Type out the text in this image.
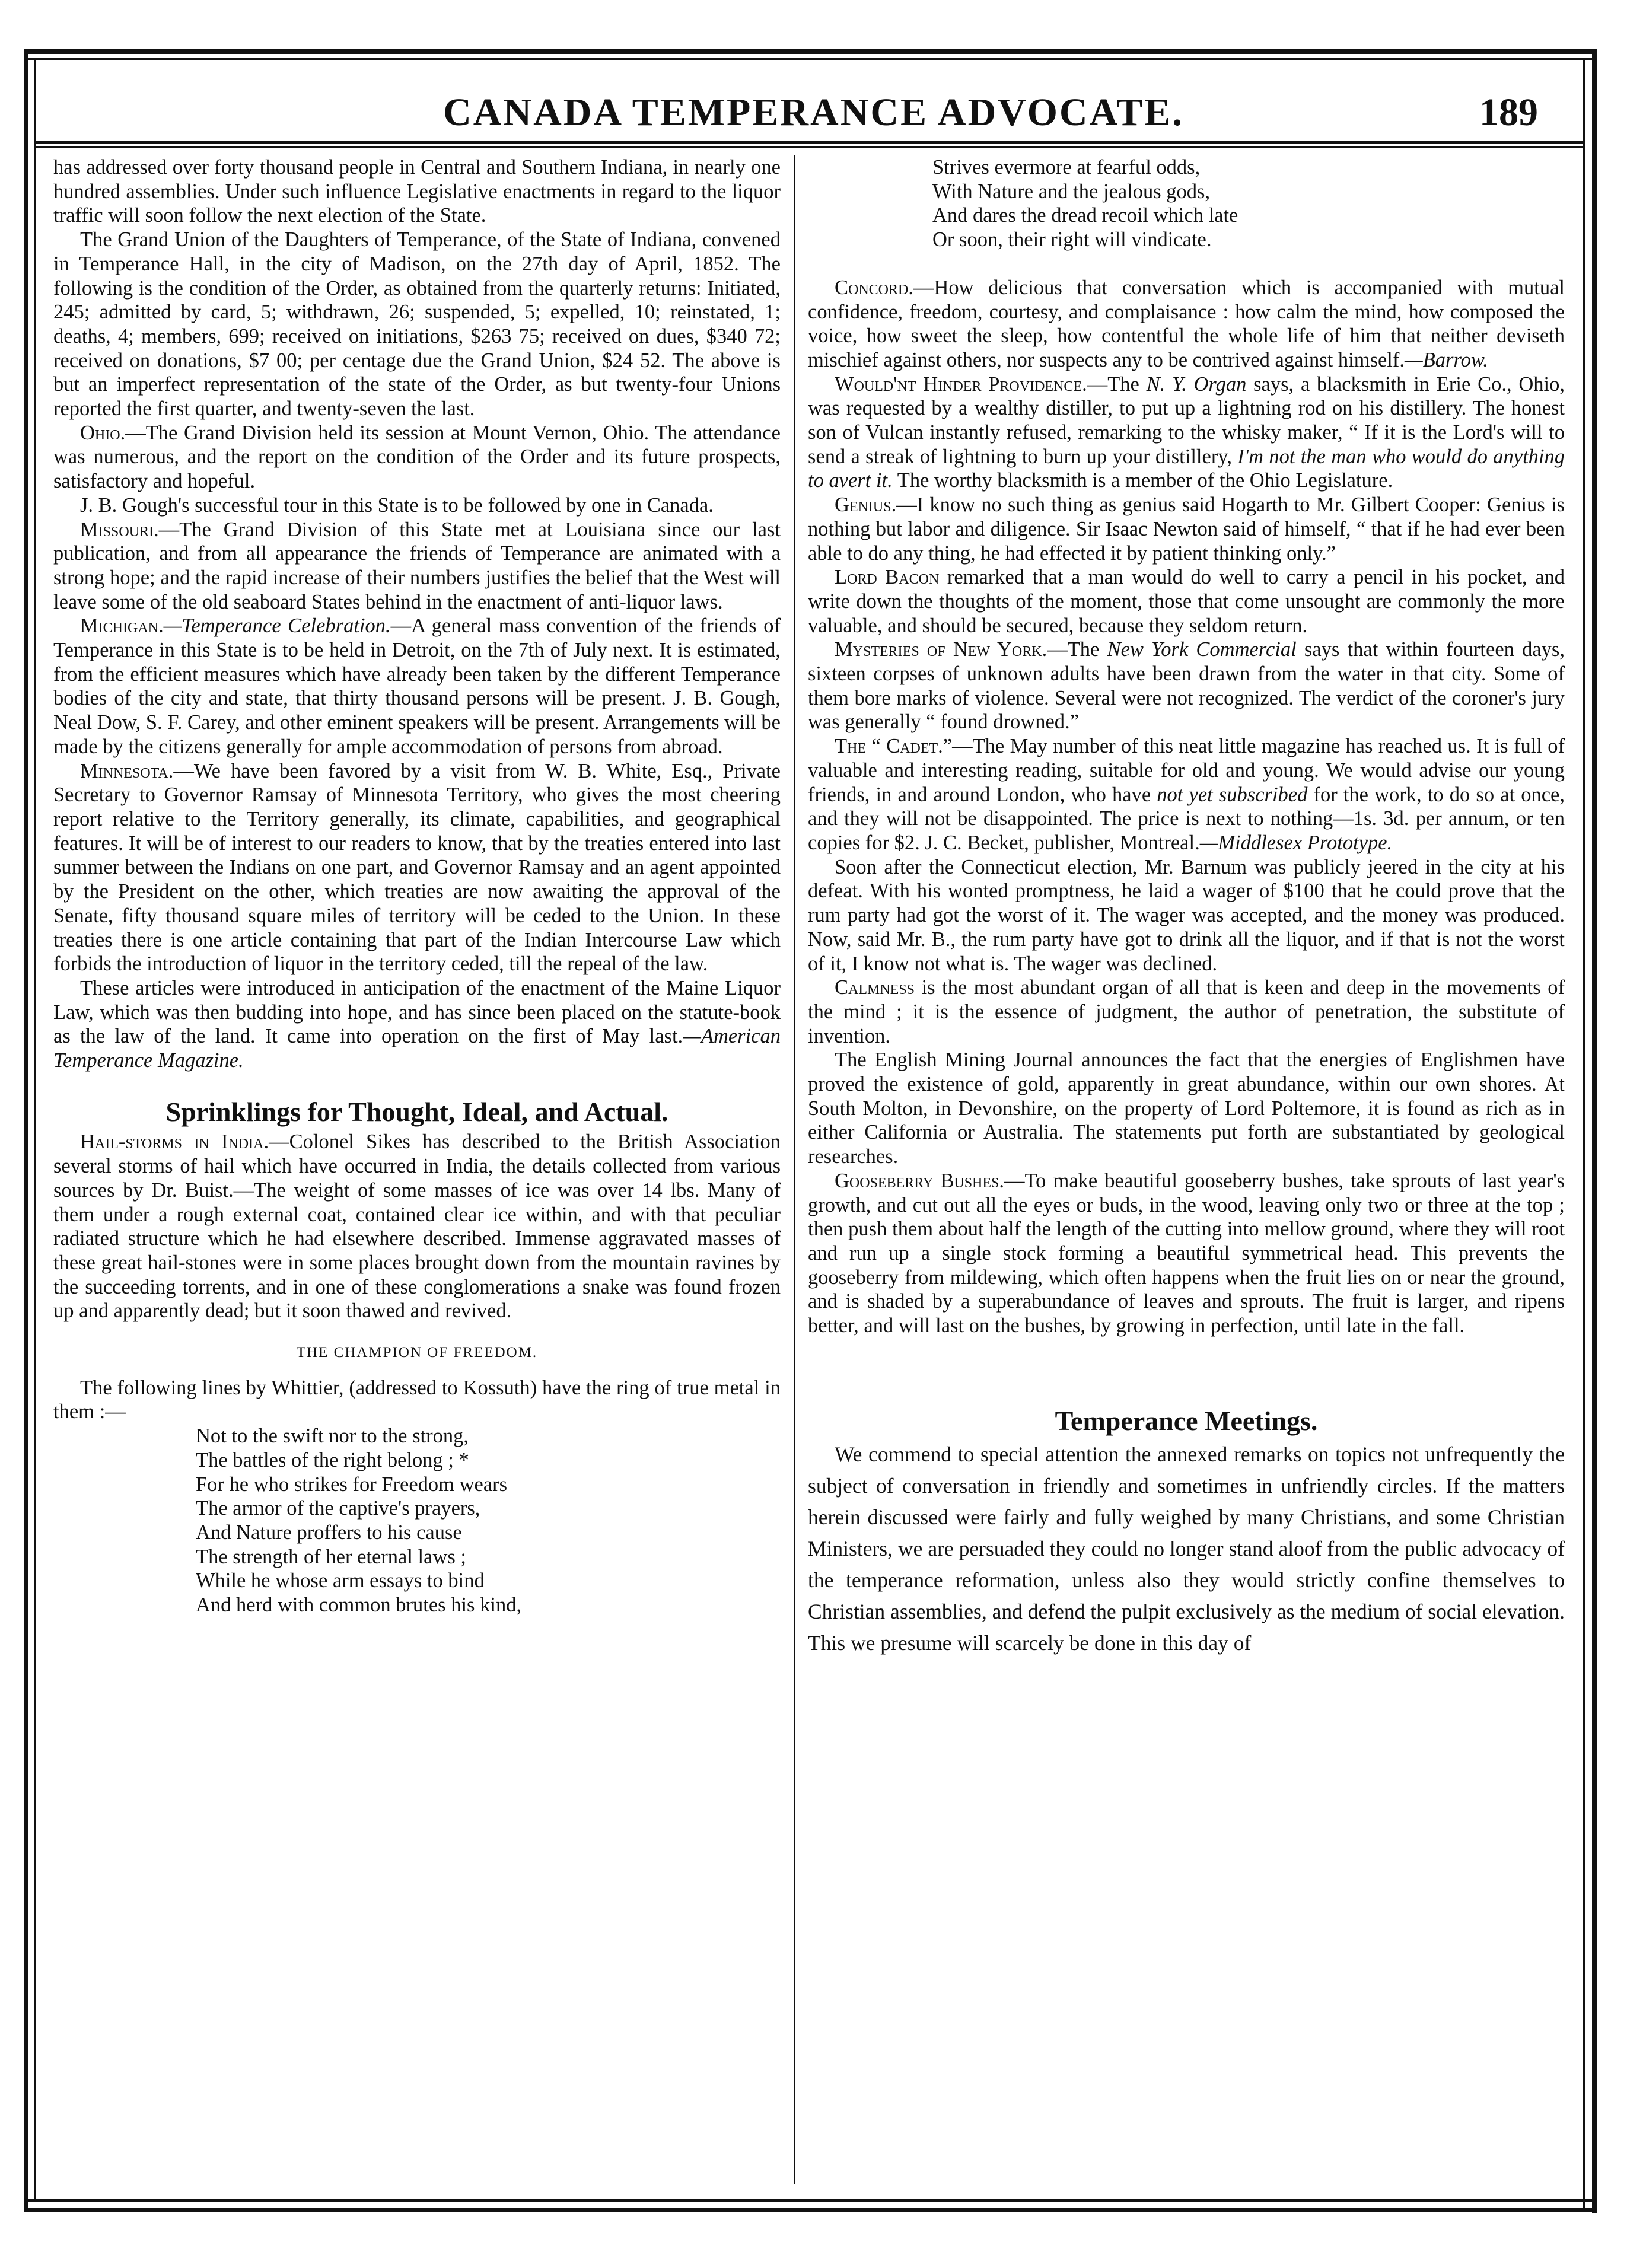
CANADA TEMPERANCE ADVOCATE.	189

has addressed over forty thousand people in Central and Southern Indiana, in nearly one hundred assemblies. Under such influence Legislative enactments in regard to the liquor traffic will soon follow the next election of the State.

The Grand Union of the Daughters of Temperance, of the State of Indiana, convened in Temperance Hall, in the city of Madison, on the 27th day of April, 1852. The following is the condition of the Order, as obtained from the quarterly returns: Initiated, 245; admitted by card, 5; withdrawn, 26; suspended, 5; expelled, 10; reinstated, 1; deaths, 4; members, 699; received on initiations, $263 75; received on dues, $340 72; received on donations, $7 00; per centage due the Grand Union, $24 52. The above is but an imperfect representation of the state of the Order, as but twenty-four Unions reported the first quarter, and twenty-seven the last.

Ohio.—The Grand Division held its session at Mount Vernon, Ohio. The attendance was numerous, and the report on the condition of the Order and its future prospects, satisfactory and hopeful.

J. B. Gough's successful tour in this State is to be followed by one in Canada.

Missouri.—The Grand Division of this State met at Louisiana since our last publication, and from all appearance the friends of Temperance are animated with a strong hope; and the rapid increase of their numbers justifies the belief that the West will leave some of the old seaboard States behind in the enactment of anti-liquor laws.

Michigan.—Temperance Celebration.—A general mass convention of the friends of Temperance in this State is to be held in Detroit, on the 7th of July next. It is estimated, from the efficient measures which have already been taken by the different Temperance bodies of the city and state, that thirty thousand persons will be present. J. B. Gough, Neal Dow, S. F. Carey, and other eminent speakers will be present. Arrangements will be made by the citizens generally for ample accommodation of persons from abroad.

Minnesota.—We have been favored by a visit from W. B. White, Esq., Private Secretary to Governor Ramsay of Minnesota Territory, who gives the most cheering report relative to the Territory generally, its climate, capabilities, and geographical features. It will be of interest to our readers to know, that by the treaties entered into last summer between the Indians on one part, and Governor Ramsay and an agent appointed by the President on the other, which treaties are now awaiting the approval of the Senate, fifty thousand square miles of territory will be ceded to the Union. In these treaties there is one article containing that part of the Indian Intercourse Law which forbids the introduction of liquor in the territory ceded, till the repeal of the law.

These articles were introduced in anticipation of the enactment of the Maine Liquor Law, which was then budding into hope, and has since been placed on the statute-book as the law of the land. It came into operation on the first of May last.—American Temperance Magazine.

Sprinklings for Thought, Ideal, and Actual.

Hail-storms in India.—Colonel Sikes has described to the British Association several storms of hail which have occurred in India, the details collected from various sources by Dr. Buist.—The weight of some masses of ice was over 14 lbs. Many of them under a rough external coat, contained clear ice within, and with that peculiar radiated structure which he had elsewhere described. Immense aggravated masses of these great hail-stones were in some places brought down from the mountain ravines by the succeeding torrents, and in one of these conglomerations a snake was found frozen up and apparently dead; but it soon thawed and revived.

THE CHAMPION OF FREEDOM.

The following lines by Whittier, (addressed to Kossuth) have the ring of true metal in them :—

Not to the swift nor to the strong,

The battles of the right belong ; *

For he who strikes for Freedom wears

The armor of the captive's prayers,

And Nature proffers to his cause

The strength of her eternal laws ;

While he whose arm essays to bind

And herd with common brutes his kind,

Strives evermore at fearful odds,

With Nature and the jealous gods,

And dares the dread recoil which late

Or soon, their right will vindicate.

Concord.—How delicious that conversation which is accompanied with mutual confidence, freedom, courtesy, and complaisance : how calm the mind, how composed the voice, how sweet the sleep, how contentful the whole life of him that neither deviseth mischief against others, nor suspects any to be contrived against himself.—Barrow.

Would'nt Hinder Providence.—The N. Y. Organ says, a blacksmith in Erie Co., Ohio, was requested by a wealthy distiller, to put up a lightning rod on his distillery. The honest son of Vulcan instantly refused, remarking to the whisky maker, “ If it is the Lord's will to send a streak of lightning to burn up your distillery, I'm not the man who would do anything to avert it. The worthy blacksmith is a member of the Ohio Legislature.

Genius.—I know no such thing as genius said Hogarth to Mr. Gilbert Cooper: Genius is nothing but labor and diligence. Sir Isaac Newton said of himself, “ that if he had ever been able to do any thing, he had effected it by patient thinking only.”

Lord Bacon remarked that a man would do well to carry a pencil in his pocket, and write down the thoughts of the moment, those that come unsought are commonly the more valuable, and should be secured, because they seldom return.

Mysteries of New York.—The New York Commercial says that within fourteen days, sixteen corpses of unknown adults have been drawn from the water in that city. Some of them bore marks of violence. Several were not recognized. The verdict of the coroner's jury was generally “ found drowned.”

The “ Cadet.”—The May number of this neat little magazine has reached us. It is full of valuable and interesting reading, suitable for old and young. We would advise our young friends, in and around London, who have not yet subscribed for the work, to do so at once, and they will not be disappointed. The price is next to nothing—1s. 3d. per annum, or ten copies for $2. J. C. Becket, publisher, Montreal.—Middlesex Prototype.

Soon after the Connecticut election, Mr. Barnum was publicly jeered in the city at his defeat. With his wonted promptness, he laid a wager of $100 that he could prove that the rum party had got the worst of it. The wager was accepted, and the money was produced. Now, said Mr. B., the rum party have got to drink all the liquor, and if that is not the worst of it, I know not what is. The wager was declined.

Calmness is the most abundant organ of all that is keen and deep in the movements of the mind ; it is the essence of judgment, the author of penetration, the substitute of invention.

The English Mining Journal announces the fact that the energies of Englishmen have proved the existence of gold, apparently in great abundance, within our own shores. At South Molton, in Devonshire, on the property of Lord Poltemore, it is found as rich as in either California or Australia. The statements put forth are substantiated by geological researches.

Gooseberry Bushes.—To make beautiful gooseberry bushes, take sprouts of last year's growth, and cut out all the eyes or buds, in the wood, leaving only two or three at the top ; then push them about half the length of the cutting into mellow ground, where they will root and run up a single stock forming a beautiful symmetrical head. This prevents the gooseberry from mildewing, which often happens when the fruit lies on or near the ground, and is shaded by a superabundance of leaves and sprouts. The fruit is larger, and ripens better, and will last on the bushes, by growing in perfection, until late in the fall.

Temperance Meetings.

We commend to special attention the annexed remarks on topics not unfrequently the subject of conversation in friendly and sometimes in unfriendly circles. If the matters herein discussed were fairly and fully weighed by many Christians, and some Christian Ministers, we are persuaded they could no longer stand aloof from the public advocacy of the temperance reformation, unless also they would strictly confine themselves to Christian assemblies, and defend the pulpit exclusively as the medium of social elevation. This we presume will scarcely be done in this day of
